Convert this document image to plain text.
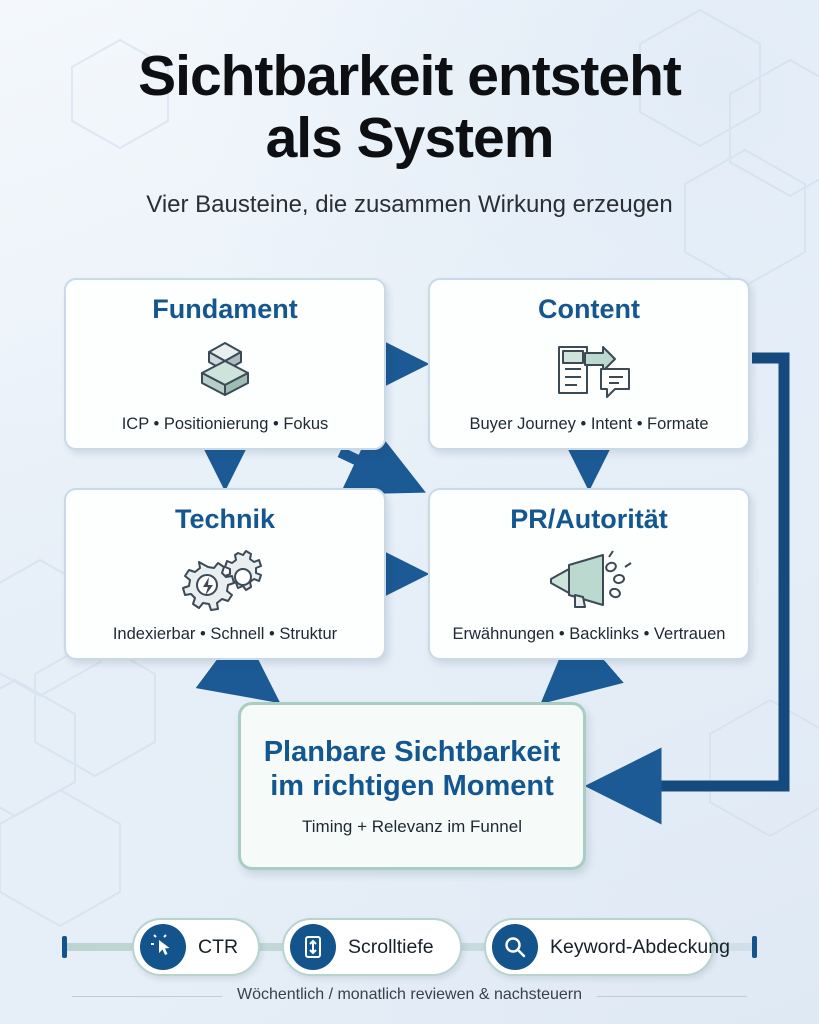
Sichtbarkeit entsteht
als System
Vier Bausteine, die zusammen Wirkung erzeugen
Fundament
ICP • Positionierung • Fokus
Content
Buyer Journey • Intent • Formate
Technik
Indexierbar • Schnell • Struktur
PR/Autorität
Erwähnungen • Backlinks • Vertrauen
Planbare Sichtbarkeit
im richtigen Moment
Timing + Relevanz im Funnel
CTR	Scrolltiefe	Keyword-Abdeckung
Wöchentlich / monatlich reviewen & nachsteuern
